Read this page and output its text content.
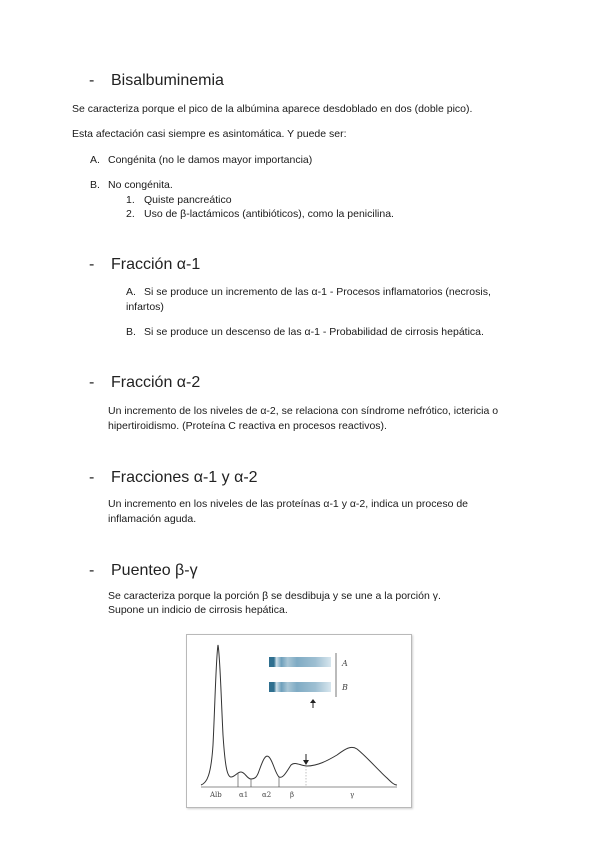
- Bisalbuminemia
Se caracteriza porque el pico de la albúmina aparece desdoblado en dos (doble pico).
Esta afectación casi siempre es asintomática. Y puede ser:
A. Congénita (no le damos mayor importancia)
B. No congénita.
1. Quiste pancreático
2. Uso de β-lactámicos (antibióticos), como la penicilina.
- Fracción α-1
A. Si se produce un incremento de las α-1 - Procesos inflamatorios (necrosis, infartos)
B. Si se produce un descenso de las α-1 - Probabilidad de cirrosis hepática.
- Fracción α-2
Un incremento de los niveles de α-2, se relaciona con síndrome nefrótico, ictericia o hipertiroidismo. (Proteína C reactiva en procesos reactivos).
- Fracciones α-1 y α-2
Un incremento en los niveles de las proteínas α-1 y α-2, indica un proceso de inflamación aguda.
- Puenteo β-γ
Se caracteriza porque la porción β se desdibuja y se une a la porción γ.
Supone un indicio de cirrosis hepática.
A
B
Alb α1 α2	β	γ
